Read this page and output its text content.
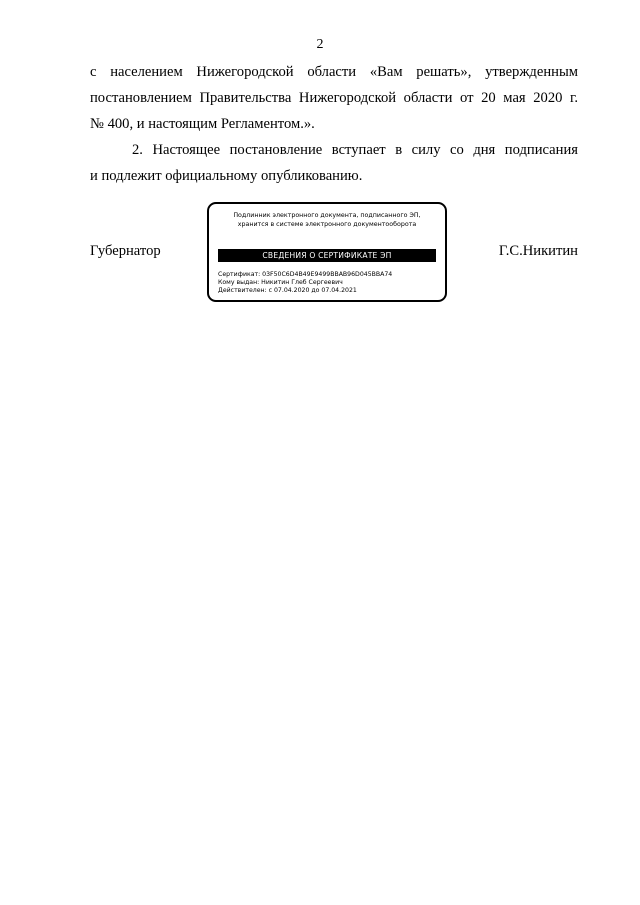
2
с населением Нижегородской области «Вам решать», утвержденным
постановлением Правительства Нижегородской области от 20 мая 2020 г.
№ 400, и настоящим Регламентом.».
2. Настоящее постановление вступает в силу со дня подписания
и подлежит официальному опубликованию.
Губернатор
Подлинник электронного документа, подписанного ЭП,
хранится в системе электронного документооборота
СВЕДЕНИЯ О СЕРТИФИКАТЕ ЭП
Сертификат: 03F50C6D4B49E9499BBAB96D045BBA74
Кому выдан: Никитин Глеб Сергеевич
Действителен: с 07.04.2020 до 07.04.2021
Г.С.Никитин
